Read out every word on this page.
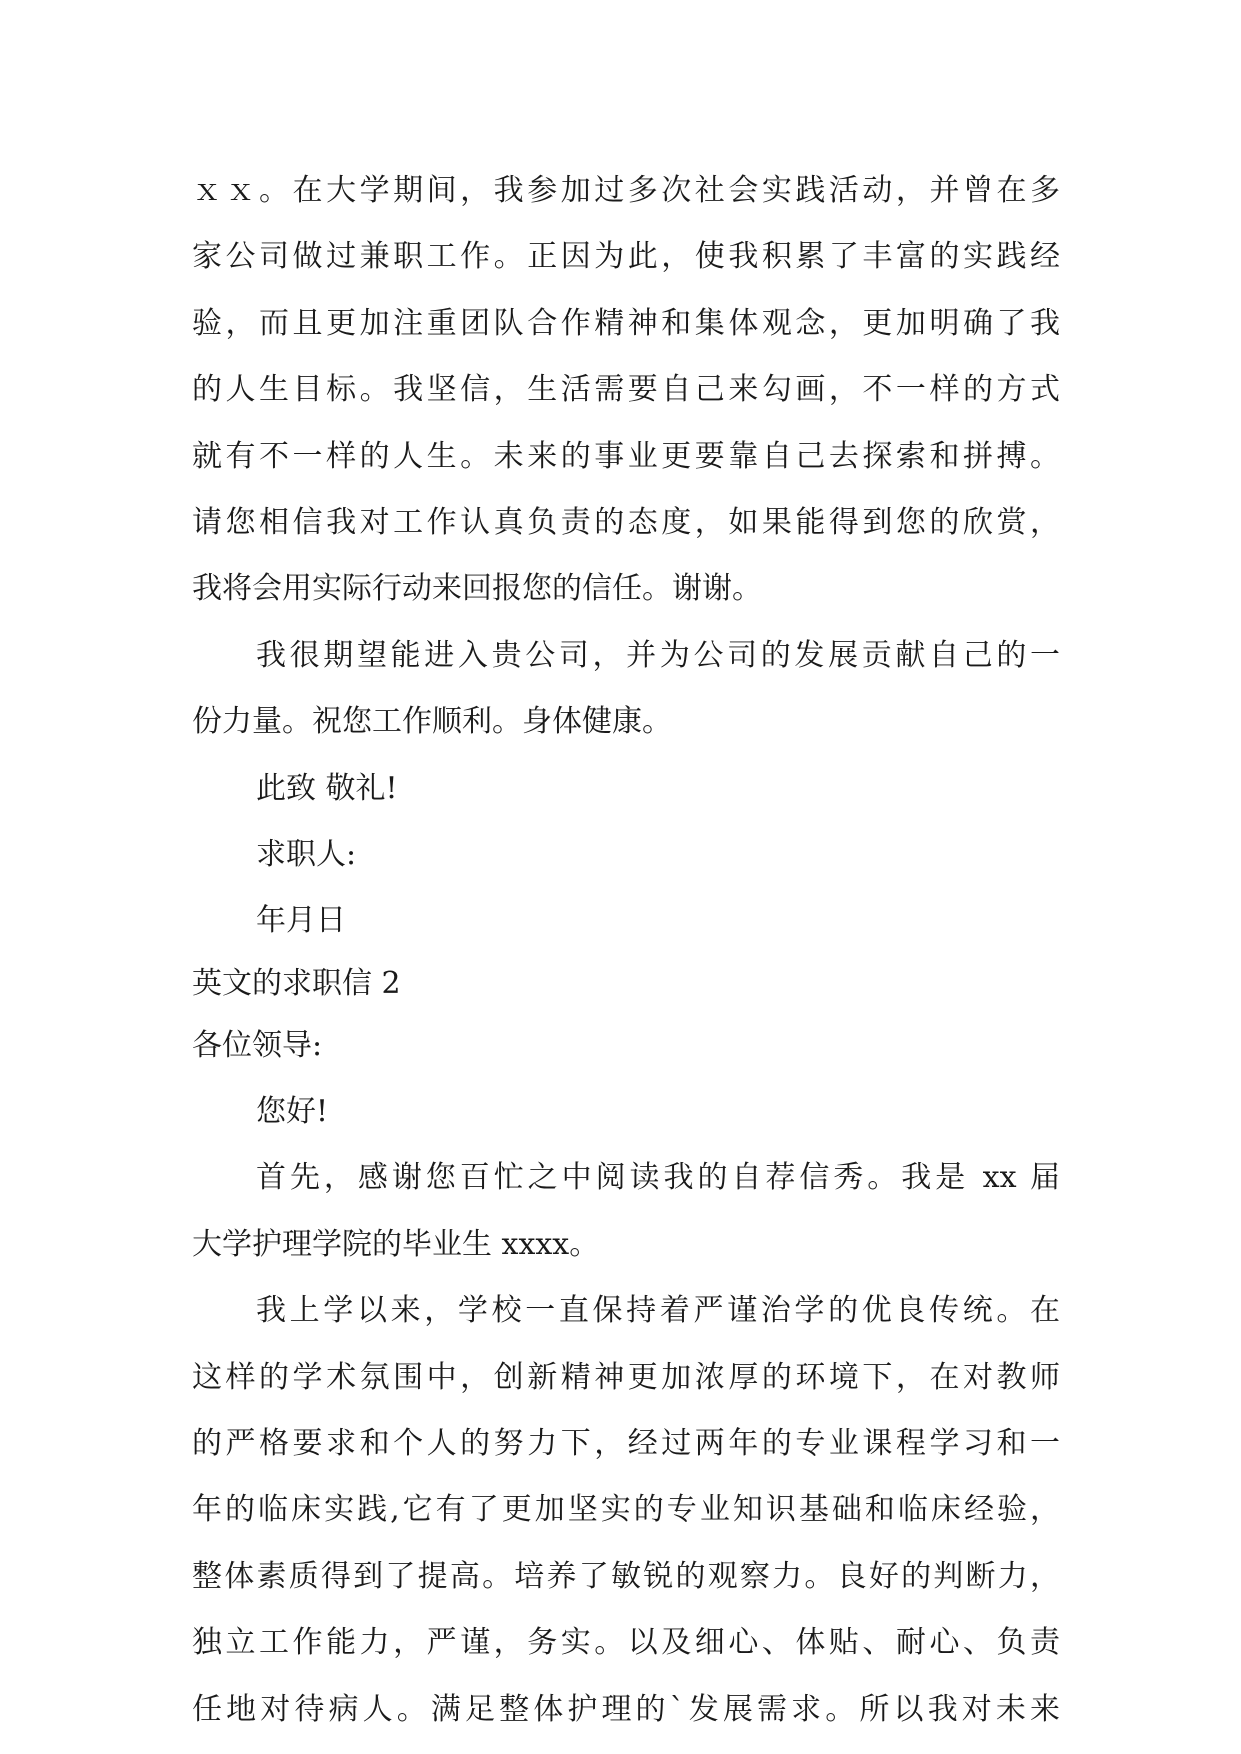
ｘｘ。在大学期间，我参加过多次社会实践活动，并曾在多
家公司做过兼职工作。正因为此，使我积累了丰富的实践经
验，而且更加注重团队合作精神和集体观念，更加明确了我
的人生目标。我坚信，生活需要自己来勾画，不一样的方式
就有不一样的人生。未来的事业更要靠自己去探索和拼搏。
请您相信我对工作认真负责的态度，如果能得到您的欣赏，
我将会用实际行动来回报您的信任。谢谢。
我很期望能进入贵公司，并为公司的发展贡献自己的一
份力量。祝您工作顺利。身体健康。
此致 敬礼!
求职人:
年月日
英文的求职信 2
各位领导:
您好!
首先，感谢您百忙之中阅读我的自荐信秀。我是 xx 届
大学护理学院的毕业生 xxxx。
我上学以来，学校一直保持着严谨治学的优良传统。在
这样的学术氛围中，创新精神更加浓厚的环境下，在对教师
的严格要求和个人的努力下，经过两年的专业课程学习和一
年的临床实践,它有了更加坚实的专业知识基础和临床经验，
整体素质得到了提高。培养了敏锐的观察力。良好的判断力，
独立工作能力，严谨，务实。以及细心、体贴、耐心、负责
任地对待病人。满足整体护理的`发展需求。所以我对未来
